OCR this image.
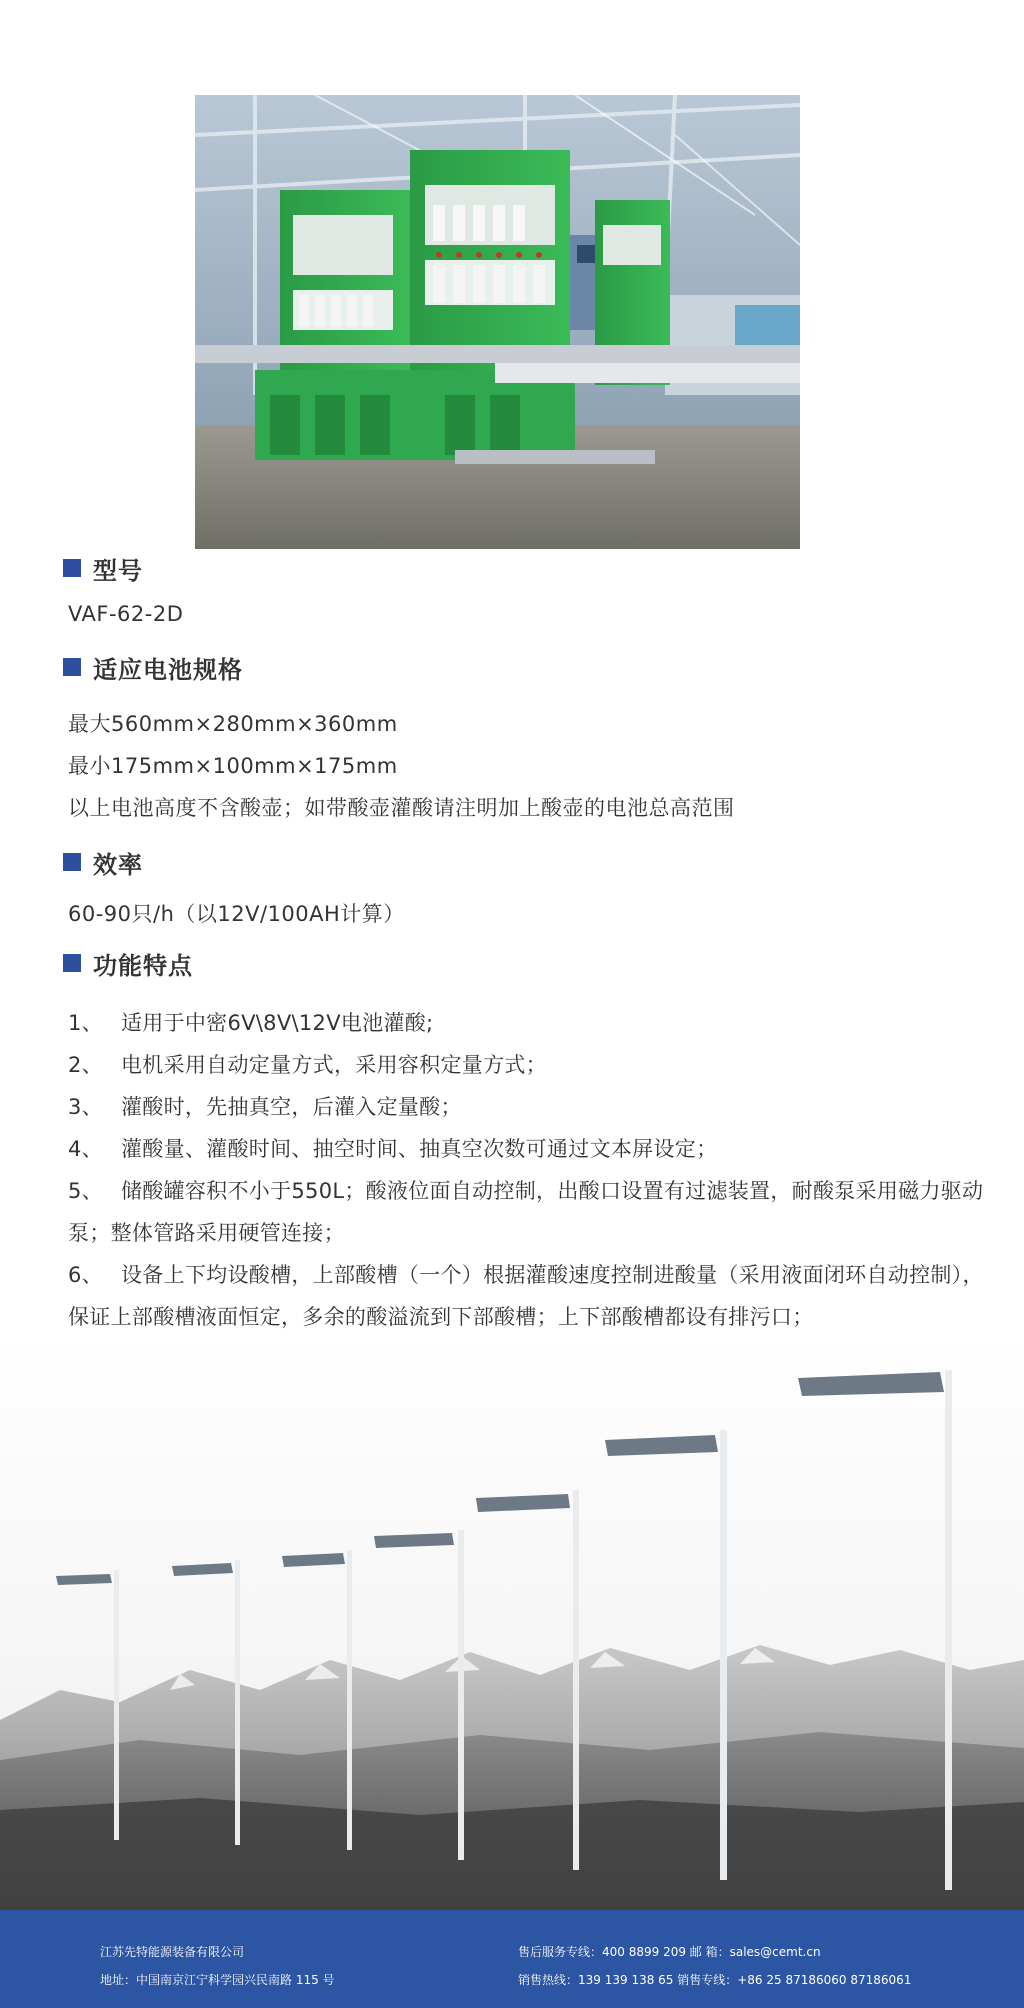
型号
VAF-62-2D
适应电池规格
最大560mm×280mm×360mm
最小175mm×100mm×175mm
以上电池高度不含酸壶；如带酸壶灌酸请注明加上酸壶的电池总高范围
效率
60-90只/h（以12V/100AH计算）
功能特点
1、 适用于中密6V\8V\12V电池灌酸;
2、 电机采用自动定量方式，采用容积定量方式；
3、 灌酸时，先抽真空，后灌入定量酸；
4、 灌酸量、灌酸时间、抽空时间、抽真空次数可通过文本屏设定；
5、 储酸罐容积不小于550L；酸液位面自动控制，出酸口设置有过滤装置，耐酸泵采用磁力驱动泵；整体管路采用硬管连接；
6、 设备上下均设酸槽，上部酸槽（一个）根据灌酸速度控制进酸量（采用液面闭环自动控制），保证上部酸槽液面恒定，多余的酸溢流到下部酸槽；上下部酸槽都设有排污口；
江苏先特能源装备有限公司
地址：中国南京江宁科学园兴民南路 115 号
售后服务专线：400 8899 209 邮 箱：sales@cemt.cn
销售热线：139 139 138 65 销售专线：+86 25 87186060 87186061
